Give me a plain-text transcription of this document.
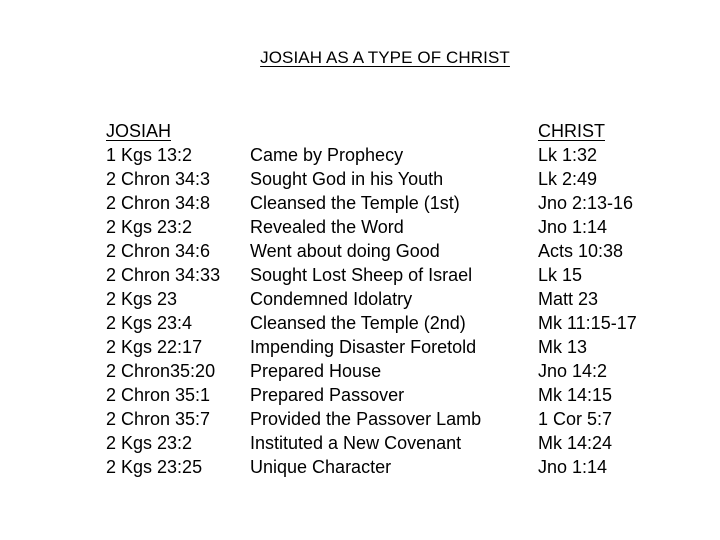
JOSIAH AS A TYPE OF CHRIST
JOSIAH
1 Kgs 13:2
2 Chron 34:3
2 Chron 34:8
2 Kgs 23:2
2 Chron 34:6
2 Chron 34:33
2 Kgs 23
2 Kgs 23:4
2 Kgs 22:17
2 Chron35:20
2 Chron 35:1
2 Chron 35:7
2 Kgs 23:2
2 Kgs 23:25
Came by Prophecy
Sought God in his Youth
Cleansed the Temple (1st)
Revealed the Word
Went about doing Good
Sought Lost Sheep of Israel
Condemned Idolatry
Cleansed the Temple (2nd)
Impending Disaster Foretold
Prepared House
Prepared Passover
Provided the Passover Lamb
Instituted a New Covenant
Unique Character
CHRIST
Lk 1:32
Lk 2:49
Jno 2:13-16
Jno 1:14
Acts 10:38
Lk 15
Matt 23
Mk 11:15-17
Mk 13
Jno 14:2
Mk 14:15
1 Cor 5:7
Mk 14:24
Jno 1:14
